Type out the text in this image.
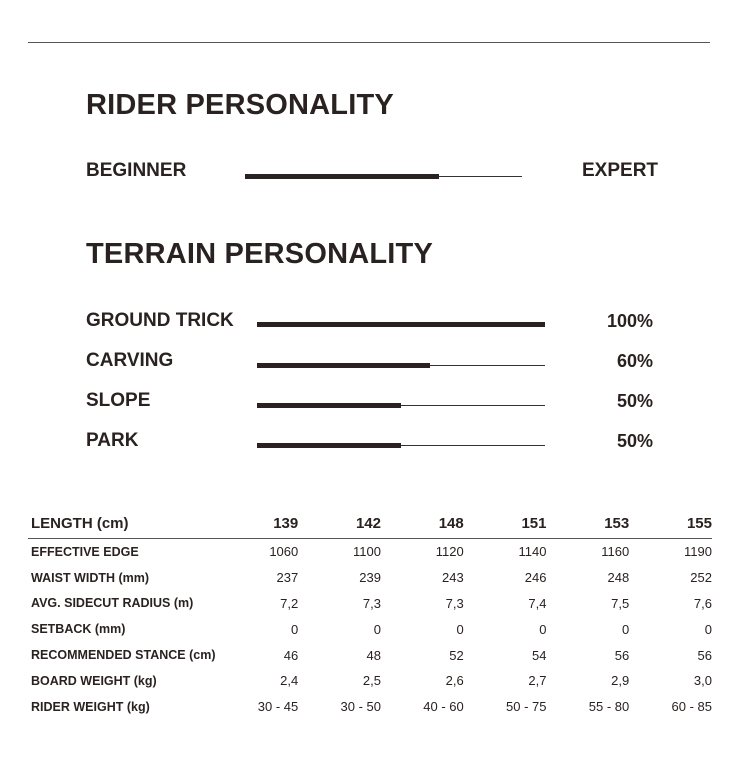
RIDER PERSONALITY
BEGINNER	EXPERT
TERRAIN PERSONALITY
GROUND TRICK	100%
CARVING	60%
SLOPE	50%
PARK	50%
LENGTH (cm)	139	142	148	151	153	155
EFFECTIVE EDGE	1060	1100	1120	1140	1160	1190
WAIST WIDTH (mm)	237	239	243	246	248	252
AVG. SIDECUT RADIUS (m)	7,2	7,3	7,3	7,4	7,5	7,6
SETBACK (mm)	0	0	0	0	0	0
RECOMMENDED STANCE (cm)	46	48	52	54	56	56
BOARD WEIGHT (kg)	2,4	2,5	2,6	2,7	2,9	3,0
RIDER WEIGHT (kg)	30 - 45	30 - 50	40 - 60	50 - 75	55 - 80	60 - 85
